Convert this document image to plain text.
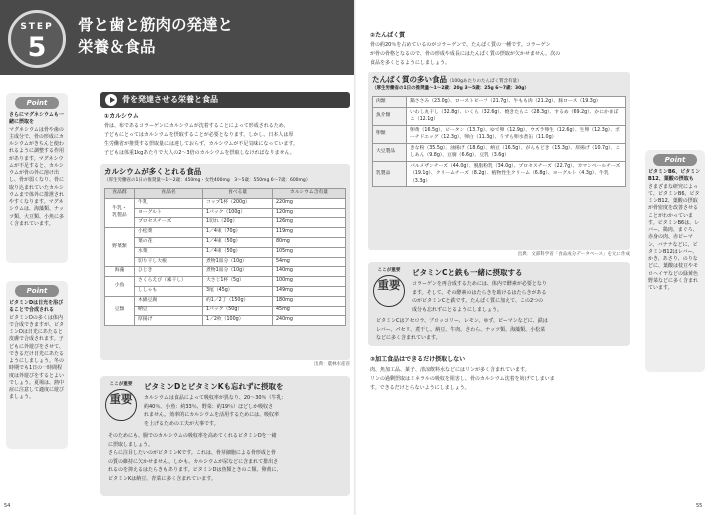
STEP
5
骨と歯と筋肉の発達と
栄養＆食品
Point
さらにマグネシウムも一緒に摂取を
マグネシウムは骨や歯の主成分で、骨の形成にカルシウムがきちんと使われるように調整する作用があります。マグネシウムが不足すると、カルシウムが骨の外に溶け出し、骨が弱くなり、骨に取り込まれていたカルシウムまで体外に排泄されやすくなります。マグネシウムは、海藻類、ナッツ類、大豆類、小魚に多く含まれています。
Point
ビタミンDは日光を浴びることで合成される
ビタミンDの多くは体内で合成できますが、ビタミンDは日光にあたると皮膚で合成されます。子どもに外遊びをさせて、できるだけ日光にあたるようにしましょう。冬の時期でも1日の一時間程度は外遊びをするとよいでしょう。夏場は、熱中症に注意して適度に遊びましょう。
骨を発達させる栄養と食品
①カルシウム
骨は、布であるコラーゲンにカルシウムが沈着することによって形成されるため、
子どもにとってはカルシウムを摂取することが必要となります。しかし、日本人は厚
生労働省が推奨する摂取量には達しておらず、カルシウムが不足気味になっています。
子どもは体重1kgあたりで大人の2〜3倍のカルシウムを摂取しなければなりません。
カルシウムが多くとれる食品
（厚生労働省の1日の推奨量〜1〜2歳：450mg・女性400mg　3〜5歳：550mg 6〜7歳：600mg）
食品群	食品名	食べる量	カルシウム含有量
牛乳・
乳製品	牛乳	コップ1杯（200g）	220mg
	ヨーグルト	1パック（100g）	120mg
	プロセスチーズ	1切れ（20g）	126mg
野菜類	小松菜	1／4束（70g）	119mg
	菜の花	1／4束（50g）	80mg
	水菜	1／4束（50g）	105mg
	切り干し大根	煮物1皿分（10g）	54mg
海藻	ひじき	煮物1皿分（10g）	140mg
小魚	さくらえび（素干し）	大さじ1杯（5g）	100mg
	ししゃも	3尾（45g）	149mg
豆類	木綿豆腐	約1／2丁（150g）	180mg
	納豆	1パック（50g）	45mg
	厚揚げ	1／2枚（100g）	240mg
出典：農林水産省
ここが重要
重要
ビタミンDとビタミンKも忘れずに摂取を
カルシウムは食品によって吸収率が異なり、20〜30％（牛乳：
約40％、小魚：約33％、野菜：約19％）ほどしか吸収さ
れません。効率的にカルシウムを活用するためには、吸収率
を上げるための工夫が大事です。
そのためにも、腸でのカルシウムの吸収率を高めてくれるビタミンDを一緒
に摂取しましょう。
さらに注目したいのがビタミンKです。これは、骨芽細胞による骨形成と骨
の質の維持に欠かせません。しかも、カルシウムが尿などに含まれて排出さ
れるのを抑えるはたらきもあります。ビタミンDは魚類ときのこ類、卵黄に、
ビタミンKは納豆、青菜に多く含まれています。
54
②たんぱく質
骨の約20％を占めているのがコラーゲンで、たんぱく質の一種です。コラーゲン
が骨の骨格となるので、骨の形成や成長にはたんぱく質の摂取が欠かせません。次の
食品を多くとるようにしましょう。
たんぱく質の多い食品（100gあたりのたんぱく質含有量）
（厚生労働省の1日の推奨量〜1〜2歳：20g 3〜5歳：25g 6〜7歳：30g）
肉類	鶏ささみ（23.0g）、ローストビーフ（21.7g）、牛もも肉（21.2g）、豚ロース（19.3g）
魚介類	いわし丸干し（32.8g）、いくら（32.6g）、焼きたらこ（28.3g）、するめ（69.2g）、かにかまぼこ（12.1g）
卵類	卵黄（16.5g）、ピータン（13.7g）、ゆで卵（12.9g）、ウズラ卵生（12.6g）、生卵（12.3g）、ポーチドエッグ（12.3g）、卵白（11.3g）、うずら卵水煮缶（11.0g）
大豆製品	きな粉（35.5g）、油揚げ（18.6g）、納豆（16.5g）、がんもどき（15.3g）、厚揚げ（10.7g）、こしあん（9.8g）、豆腐（6.6g）、豆乳（3.6g）
乳製品	パルメザンチーズ（44.0g）、脱脂粉乳（34.0g）、プロセスチーズ（22.7g）、カマンベールチーズ（19.1g）、クリームチーズ（8.2g）、植物性生クリーム（6.8g）、ヨーグルト（4.3g）、牛乳（3.3g）
出典：文部科学省「食品成分データベース」を元に作成
ここが重要
重要
ビタミンCと鉄も一緒に摂取する
コラーゲンを再合成するためには、体内で酵素が必要となり
ます。そして、その酵素のはたらきを助けるはたらきがある
のがビタミンCと鉄です。たんぱく質に加えて、この2つの
成分も忘れずにとるようにしましょう。
ビタミンCはアセロラ、ブロッコリー、レモン、ゆず、ピーマンなどに、鉄は
レバー、パセリ、煮干し、納豆、牛肉、さわら、ナッツ類、海藻類、小松菜
などに多く含まれています。
③加工食品はできるだけ摂取しない
肉、魚加工品、菓子、清涼飲料水などにはリンが多く含まれています。
リンの過剰摂取はミネラルの吸収を阻害し、骨のカルシウム沈着を妨げてしまいま
す。できるだけとらないようにしましょう。
Point
ビタミンB6、ビタミンB12、葉酸の摂取も
さまざまな研究によって、ビタミンB6、ビタミンB12、葉酸の摂取が骨密度を改善させることがわかっています。ビタミンB6は、レバー、鶏肉、まぐろ、赤身の肉、赤ピーマン、バナナなどに、ビタミンB12はレバー、かき、あさり、のりなどに、葉酸は枝豆やモロヘイヤなどの緑黄色野菜などに多く含まれています。
55
